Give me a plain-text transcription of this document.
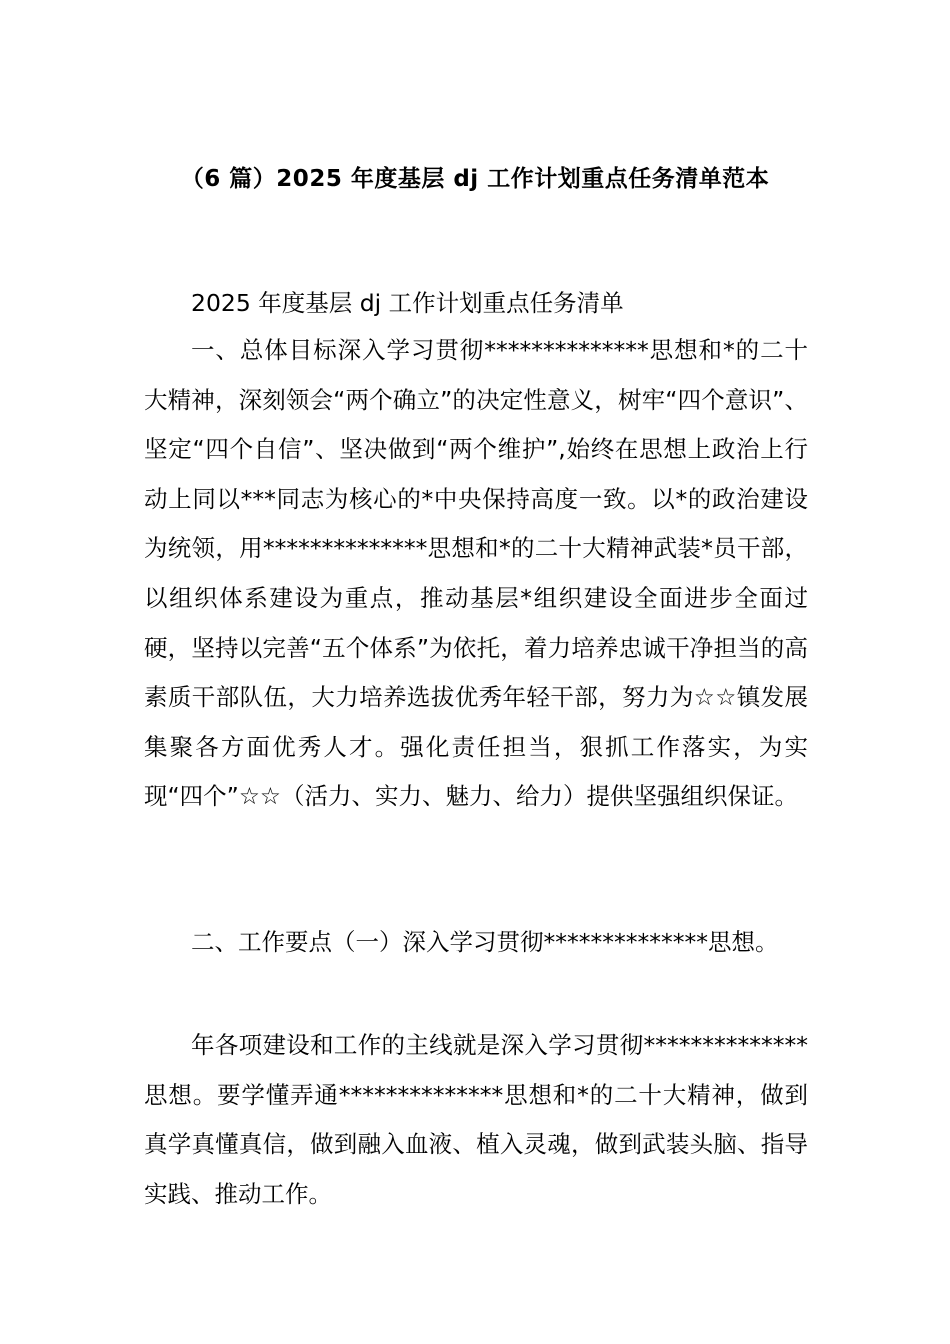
（6 篇）2025 年度基层 dj 工作计划重点任务清单范本

2025 年度基层 dj 工作计划重点任务清单

一、总体目标深入学习贯彻**************思想和*的二十大精神，深刻领会“两个确立”的决定性意义，树牢“四个意识”、坚定“四个自信”、坚决做到“两个维护”,始终在思想上政治上行动上同以***同志为核心的*中央保持高度一致。以*的政治建设为统领，用**************思想和*的二十大精神武装*员干部，以组织体系建设为重点，推动基层*组织建设全面进步全面过硬，坚持以完善“五个体系”为依托，着力培养忠诚干净担当的高素质干部队伍，大力培养选拔优秀年轻干部，努力为☆☆镇发展集聚各方面优秀人才。强化责任担当，狠抓工作落实，为实现“四个”☆☆（活力、实力、魅力、给力）提供坚强组织保证。

二、工作要点（一）深入学习贯彻**************思想。

年各项建设和工作的主线就是深入学习贯彻**************思想。要学懂弄通**************思想和*的二十大精神，做到真学真懂真信，做到融入血液、植入灵魂，做到武装头脑、指导实践、推动工作。
